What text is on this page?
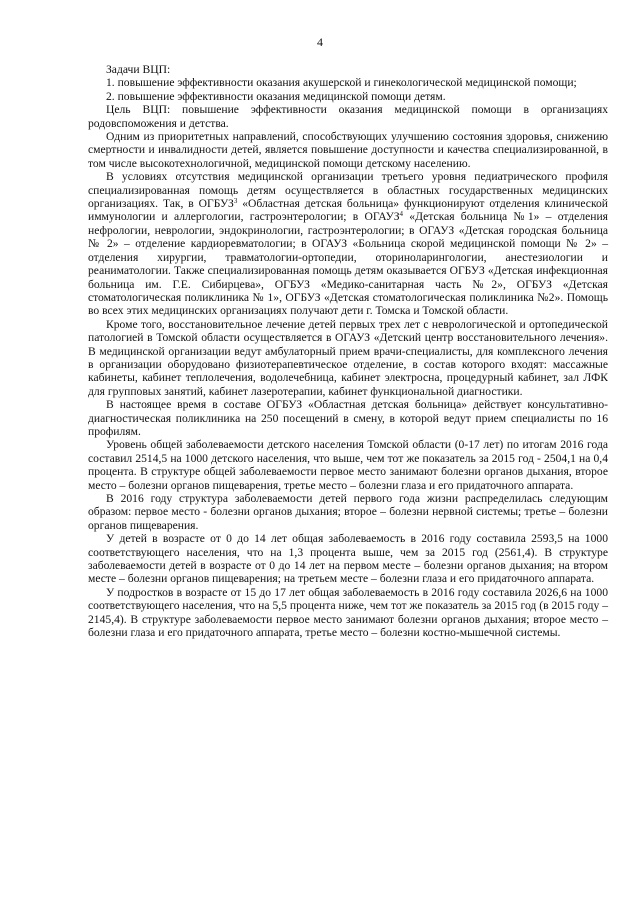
4

Задачи ВЦП:

1. повышение эффективности оказания акушерской и гинекологической медицинской помощи;

2. повышение эффективности оказания медицинской помощи детям.

Цель ВЦП: повышение эффективности оказания медицинской помощи в организациях родовспоможения и детства.

Одним из приоритетных направлений, способствующих улучшению состояния здоровья, снижению смертности и инвалидности детей, является повышение доступности и качества специализированной, в том числе высокотехнологичной, медицинской помощи детскому населению.

В условиях отсутствия медицинской организации третьего уровня педиатрического профиля специализированная помощь детям осуществляется в областных государственных медицинских организациях. Так, в ОГБУЗ$^3$ «Областная детская больница» функционируют отделения клинической иммунологии и аллергологии, гастроэнтерологии; в ОГАУЗ$^4$ «Детская больница №1» – отделения нефрологии, неврологии, эндокринологии, гастроэнтерологии; в ОГАУЗ «Детская городская больница № 2» – отделение кардиоревматологии; в ОГАУЗ «Больница скорой медицинской помощи № 2» – отделения хирургии, травматологии-ортопедии, оториноларингологии, анестезиологии и реаниматологии. Также специализированная помощь детям оказывается ОГБУЗ «Детская инфекционная больница им. Г.Е. Сибирцева», ОГБУЗ «Медико-санитарная часть №2», ОГБУЗ «Детская стоматологическая поликлиника № 1», ОГБУЗ «Детская стоматологическая поликлиника №2». Помощь во всех этих медицинских организациях получают дети г. Томска и Томской области.

Кроме того, восстановительное лечение детей первых трех лет с неврологической и ортопедической патологией в Томской области осуществляется в ОГАУЗ «Детский центр восстановительного лечения». В медицинской организации ведут амбулаторный прием врачи-специалисты, для комплексного лечения в организации оборудовано физиотерапевтическое отделение, в состав которого входят: массажные кабинеты, кабинет теплолечения, водолечебница, кабинет электросна, процедурный кабинет, зал ЛФК для групповых занятий, кабинет лазеротерапии, кабинет функциональной диагностики.

В настоящее время в составе ОГБУЗ «Областная детская больница» действует консультативно-диагностическая поликлиника на 250 посещений в смену, в которой ведут прием специалисты по 16 профилям.

Уровень общей заболеваемости детского населения Томской области (0-17 лет) по итогам 2016 года составил 2514,5 на 1000 детского населения, что выше, чем тот же показатель за 2015 год - 2504,1 на 0,4 процента. В структуре общей заболеваемости первое место занимают болезни органов дыхания, второе место – болезни органов пищеварения, третье место – болезни глаза и его придаточного аппарата.

В 2016 году структура заболеваемости детей первого года жизни распределилась следующим образом: первое место - болезни органов дыхания; второе – болезни нервной системы; третье – болезни органов пищеварения.

У детей в возрасте от 0 до 14 лет общая заболеваемость в 2016 году составила 2593,5 на 1000 соответствующего населения, что на 1,3 процента выше, чем за 2015 год (2561,4). В структуре заболеваемости детей в возрасте от 0 до 14 лет на первом месте – болезни органов дыхания; на втором месте – болезни органов пищеварения; на третьем месте – болезни глаза и его придаточного аппарата.

У подростков в возрасте от 15 до 17 лет общая заболеваемость в 2016 году составила 2026,6 на 1000 соответствующего населения, что на 5,5 процента ниже, чем тот же показатель за 2015 год (в 2015 году – 2145,4). В структуре заболеваемости первое место занимают болезни органов дыхания; второе место – болезни глаза и его придаточного аппарата, третье место – болезни костно-мышечной системы.
